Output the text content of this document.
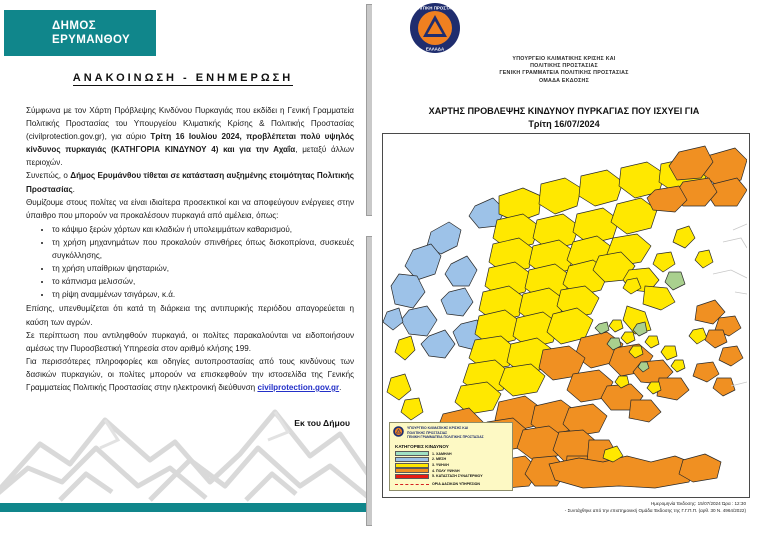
ΔΗΜΟΣ
ΕΡΥΜΑΝΘΟΥ
ΑΝΑΚΟΙΝΩΣΗ - ΕΝΗΜΕΡΩΣΗ

Σύμφωνα με τον Χάρτη Πρόβλεψης Κινδύνου Πυρκαγιάς που εκδίδει η Γενική Γραμματεία Πολιτικής Προστασίας του Υπουργείου Κλιματικής Κρίσης & Πολιτικής Προστασίας (civilprotection.gov.gr), για αύριο Τρίτη 16 Ιουλίου 2024, προβλέπεται πολύ υψηλός κίνδυνος πυρκαγιάς (ΚΑΤΗΓΟΡΙΑ ΚΙΝΔΥΝΟΥ 4) και για την Αχαΐα, μεταξύ άλλων περιοχών.

Συνεπώς, ο Δήμος Ερυμάνθου τίθεται σε κατάσταση αυξημένης ετοιμότητας Πολιτικής Προστασίας.

Θυμίζουμε στους πολίτες να είναι ιδιαίτερα προσεκτικοί και να αποφεύγουν ενέργειες στην ύπαιθρο που μπορούν να προκαλέσουν πυρκαγιά από αμέλεια, όπως:

• το κάψιμο ξερών χόρτων και κλαδιών ή υπολειμμάτων καθαρισμού,
• τη χρήση μηχανημάτων που προκαλούν σπινθήρες όπως δισκοπρίονα, συσκευές συγκόλλησης,
• τη χρήση υπαίθριων ψησταριών,
• το κάπνισμα μελισσών,
• τη ρίψη αναμμένων τσιγάρων, κ.ά.

Επίσης, υπενθυμίζεται ότι κατά τη διάρκεια της αντιπυρικής περιόδου απαγορεύεται η καύση των αγρών.

Σε περίπτωση που αντιληφθούν πυρκαγιά, οι πολίτες παρακαλούνται να ειδοποιήσουν αμέσως την Πυροσβεστική Υπηρεσία στον αριθμό κλήσης 199.

Για περισσότερες πληροφορίες και οδηγίες αυτοπροστασίας από τους κινδύνους των δασικών πυρκαγιών, οι πολίτες μπορούν να επισκεφθούν την ιστοσελίδα της Γενικής Γραμματείας Πολιτικής Προστασίας στην ηλεκτρονική διεύθυνση civilprotection.gov.gr.

Εκ του Δήμου
ΠΟΛΙΤΙΚΗ ΠΡΟΣΤΑΣΙΑ
ΕΛΛΑΔΑ
ΥΠΟΥΡΓΕΙΟ ΚΛΙΜΑΤΙΚΗΣ ΚΡΙΣΗΣ ΚΑΙ
ΠΟΛΙΤΙΚΗΣ ΠΡΟΣΤΑΣΙΑΣ
ΓΕΝΙΚΗ ΓΡΑΜΜΑΤΕΙΑ ΠΟΛΙΤΙΚΗΣ ΠΡΟΣΤΑΣΙΑΣ
ΟΜΑΔΑ ΕΚΔΟΣΗΣ
ΧΑΡΤΗΣ ΠΡΟΒΛΕΨΗΣ ΚΙΝΔΥΝΟΥ ΠΥΡΚΑΓΙΑΣ ΠΟΥ ΙΣΧΥΕΙ ΓΙΑ
Τρίτη 16/07/2024
ΥΠΟΥΡΓΕΙΟ ΚΛΙΜΑΤΙΚΗΣ ΚΡΙΣΗΣ ΚΑΙ
ΠΟΛΙΤΙΚΗΣ ΠΡΟΣΤΑΣΙΑΣ
ΓΕΝΙΚΗ ΓΡΑΜΜΑΤΕΙΑ ΠΟΛΙΤΙΚΗΣ ΠΡΟΣΤΑΣΙΑΣ
ΚΑΤΗΓΟΡΙΕΣ ΚΙΝΔΥΝΟΥ
1. ΧΑΜΗΛΗ
2. ΜΕΣΗ
3. ΥΨΗΛΗ
4. ΠΟΛΥ ΥΨΗΛΗ
5. ΚΑΤΑΣΤΑΣΗ ΣΥΝΑΓΕΡΜΟΥ
ΟΡΙΑ ΔΑΣΙΚΩΝ ΥΠΗΡΕΣΙΩΝ
Ημερομηνία Έκδοσης: 15/07/2024 Ώρα : 12:30
- Συντάχθηκε από την επιστημονική Ομάδα Έκδοσης της Γ.Γ.Π.Π. (αρθ. 30 Ν. 4964/2022)
